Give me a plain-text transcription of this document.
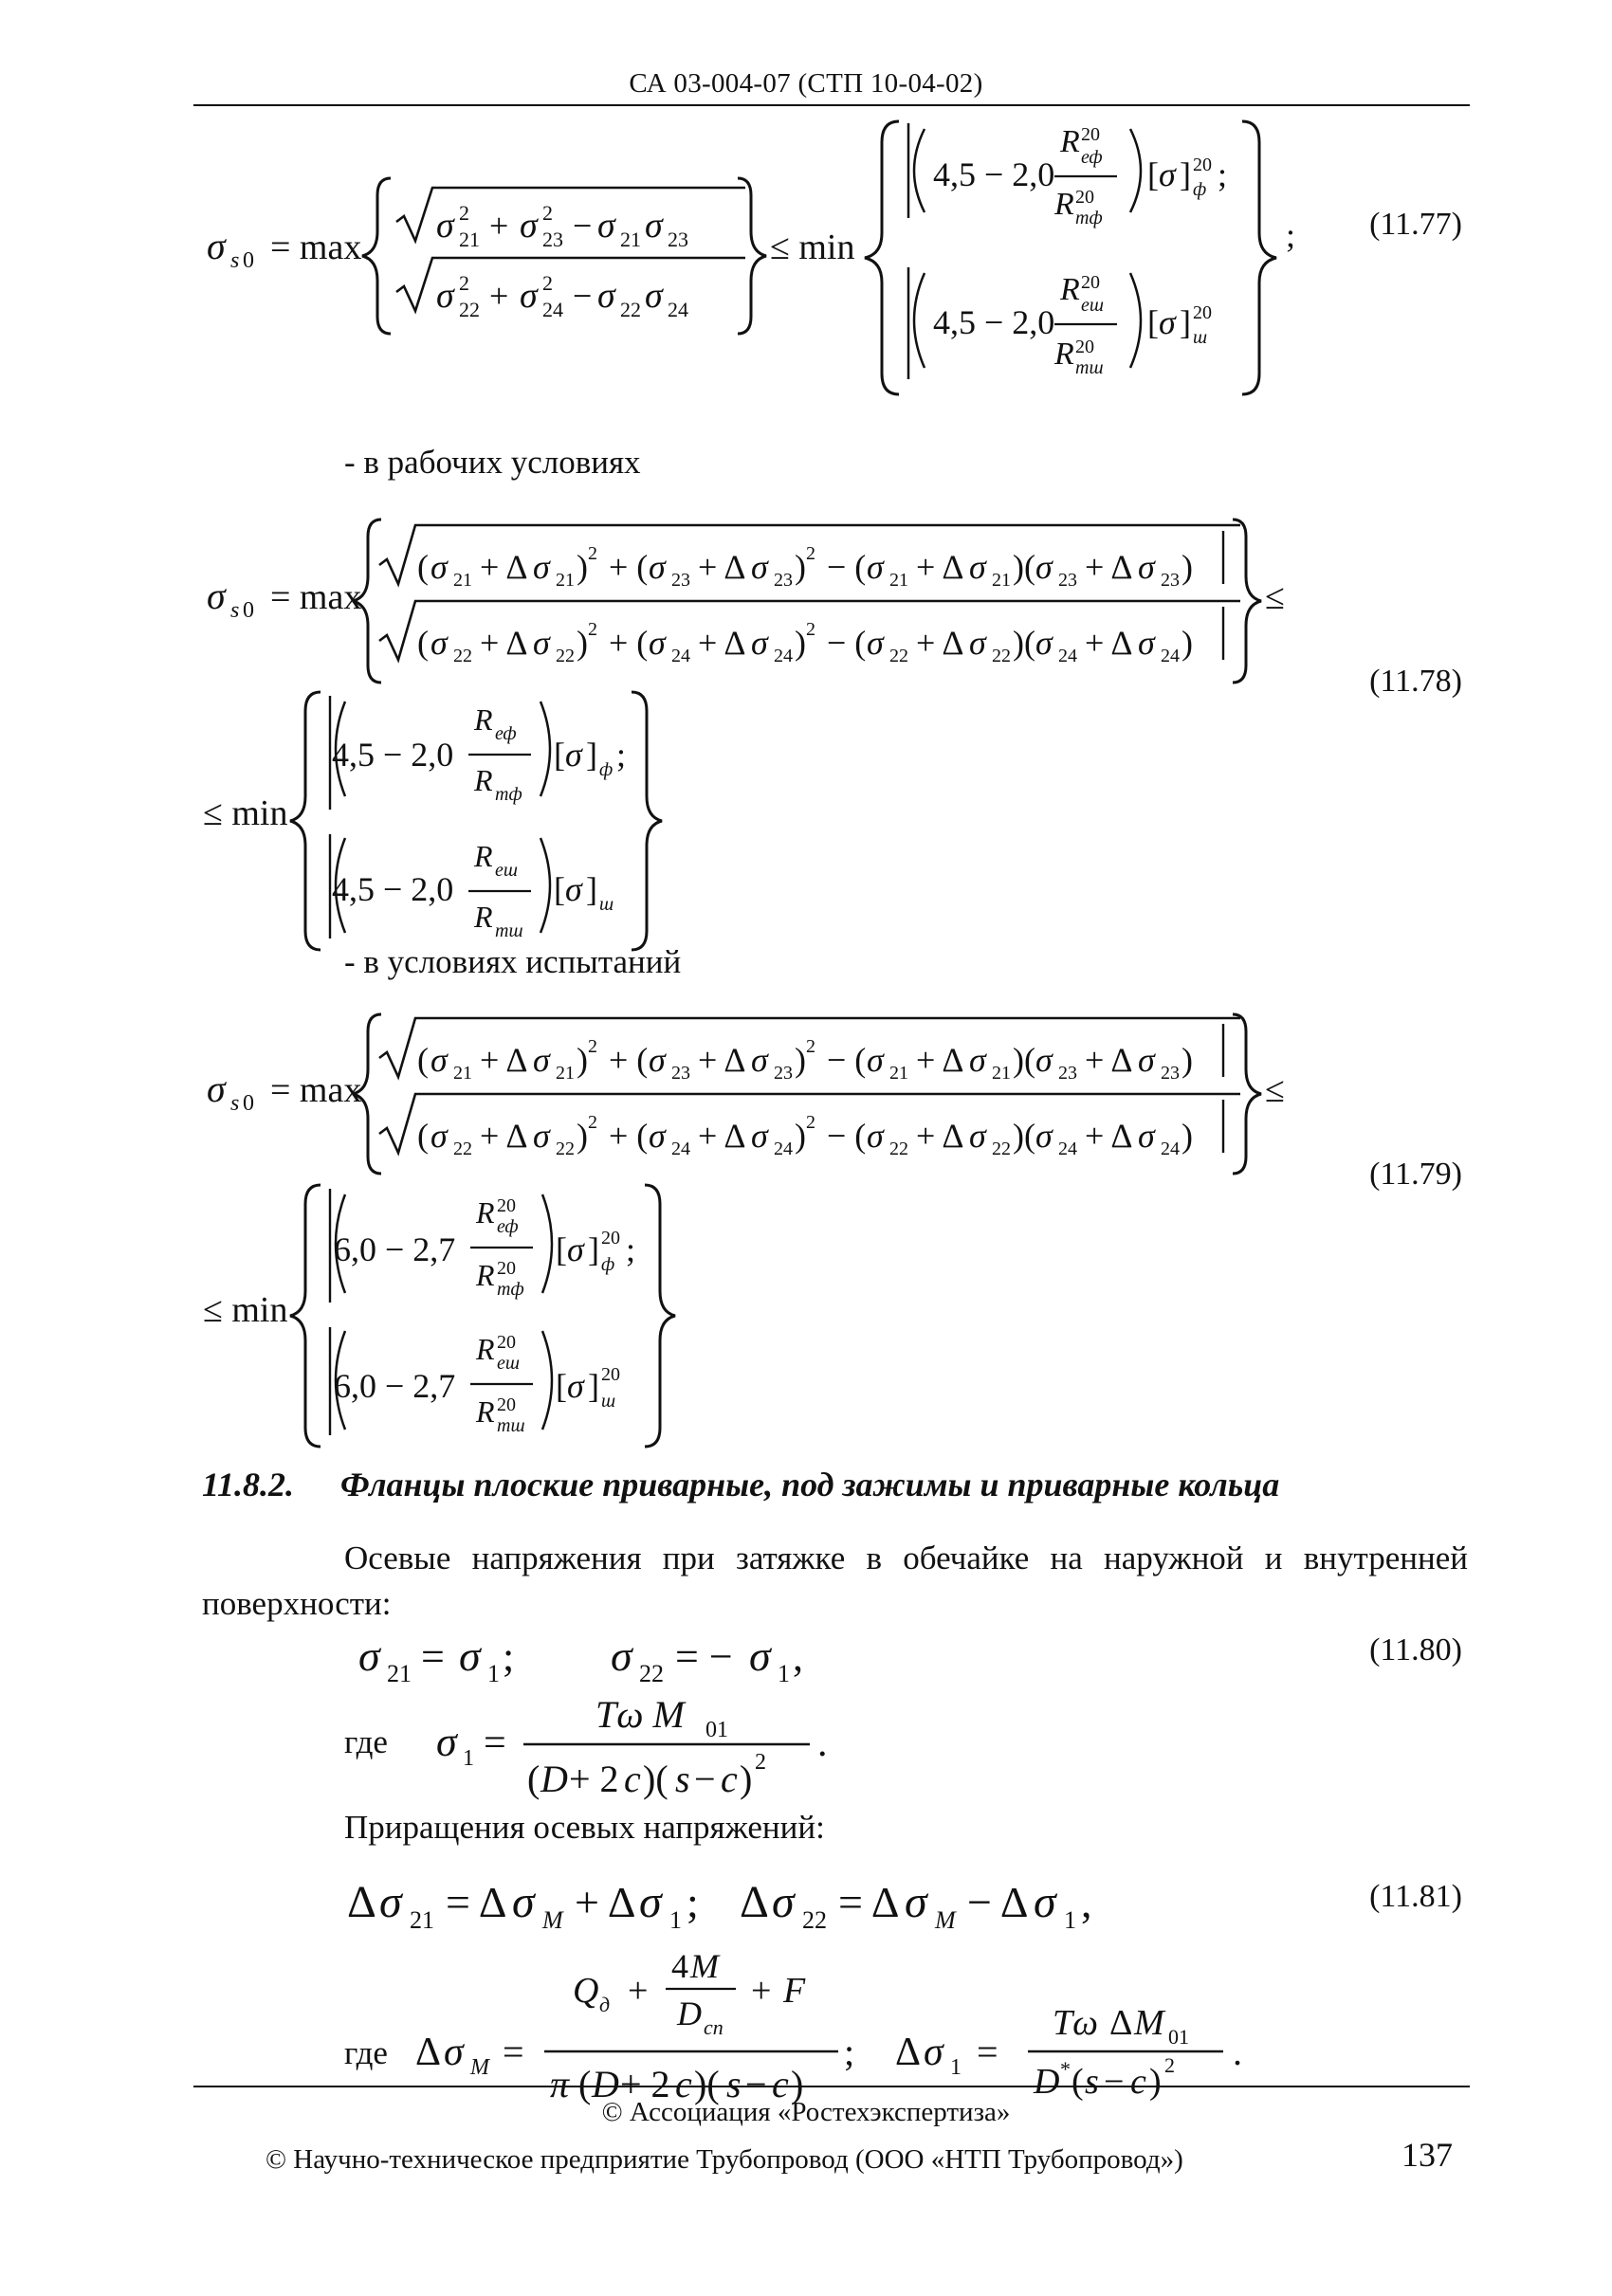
СА 03-004-07 (СТП 10-04-02)
σ s 0 = max
σ 21
2 + σ 23
2 − σ 21 σ 23
σ 22
2 + σ 24
2 − σ 22 σ 24
≤ min
4,5 − 2,0
R 20
еф
R 20
mф
[ σ ] 20
ф ;
4,5 − 2,0
R 20
еш
R 20
тш
[ σ ] 20
ш
;
σ s 0 = max
( σ 21 + Δ σ 21 ) 2 + ( σ 23 + Δ σ 23 ) 2 − ( σ 21 + Δ σ 21 )( σ 23 + Δ σ 23 )
( σ 22 + Δ σ 22 ) 2 + ( σ 24 + Δ σ 24 ) 2 − ( σ 22 + Δ σ 22 )( σ 24 + Δ σ 24 )
≤
≤ min
4,5 − 2,0
R еф
R тф
[ σ ] ф ;
4,5 − 2,0
R еш
R тш
[ σ ] ш
σ s 0 = max
( σ 21 + Δ σ 21 ) 2 + ( σ 23 + Δ σ 23 ) 2 − ( σ 21 + Δ σ 21 )( σ 23 + Δ σ 23 )
( σ 22 + Δ σ 22 ) 2 + ( σ 24 + Δ σ 24 ) 2 − ( σ 22 + Δ σ 22 )( σ 24 + Δ σ 24 )
≤
≤ min
6,0 − 2,7
R 20
еф
R 20
тф
[ σ ] 20
ф ;
6,0 − 2,7
R 20
еш
R 20
тш
[ σ ] 20
ш
σ 21 = σ 1 ; σ 22 = − σ 1 ,
σ 1 =
Tω M 01
( D + 2 c )( s − c ) 2 .
Δ σ 21 = Δ σ M + Δ σ 1 ; Δ σ 22 = Δ σ M − Δ σ 1 ,
Δ σ M =
Q д +
4 M
D сп
+ F
π ( D + 2 c )( s − c )
; Δ σ 1 =
Tω Δ M 01
D * ( s − c ) 2 .
(11.77)
- в рабочих условиях
(11.78)
- в условиях испытаний
(11.79)
11.8.2. Фланцы плоские приварные, под зажимы и приварные кольца
Осевые напряжения при затяжке в обечайке на наружной и внутренней поверхности:
(11.80)
где
Приращения осевых напряжений:
(11.81)
где
© Ассоциация «Ростехэкспертиза»
© Научно-техническое предприятие Трубопровод (ООО «НТП Трубопровод»)	137
